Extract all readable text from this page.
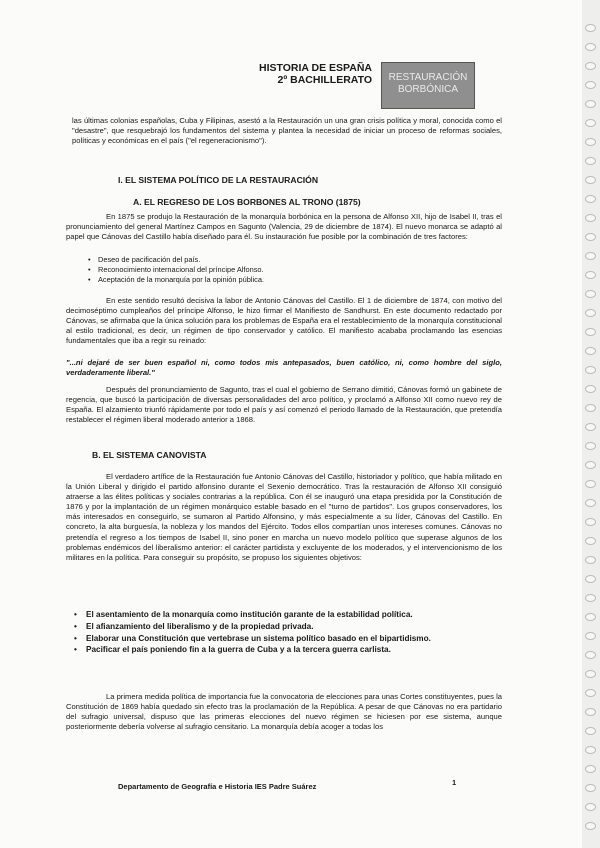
HISTORIA DE ESPAÑA
2º BACHILLERATO	RESTAURACIÓN
BORBÓNICA
las últimas colonias españolas, Cuba y Filipinas, asestó a la Restauración un una gran crisis política y moral, conocida como el "desastre", que resquebrajó los fundamentos del sistema y plantea la necesidad de iniciar un proceso de reformas sociales, políticas y económicas en el país ("el regeneracionismo").
I. EL SISTEMA POLÍTICO DE LA RESTAURACIÓN
A. EL REGRESO DE LOS BORBONES AL TRONO (1875)
En 1875 se produjo la Restauración de la monarquía borbónica en la persona de Alfonso XII, hijo de Isabel II, tras el pronunciamiento del general Martínez Campos en Sagunto (Valencia, 29 de diciembre de 1874). El nuevo monarca se adaptó al papel que Cánovas del Castillo había diseñado para él. Su instauración fue posible por la combinación de tres factores:
• Deseo de pacificación del país.
• Reconocimiento internacional del príncipe Alfonso.
• Aceptación de la monarquía por la opinión pública.
En este sentido resultó decisiva la labor de Antonio Cánovas del Castillo. El 1 de diciembre de 1874, con motivo del decimoséptimo cumpleaños del príncipe Alfonso, le hizo firmar el Manifiesto de Sandhurst. En este documento redactado por Cánovas, se afirmaba que la única solución para los problemas de España era el restablecimiento de la monarquía constitucional al estilo tradicional, es decir, un régimen de tipo conservador y católico. El manifiesto acababa proclamando las esencias fundamentales que iba a regir su reinado:
"...ni dejaré de ser buen español ni, como todos mis antepasados, buen católico, ni, como hombre del siglo, verdaderamente liberal."
Después del pronunciamiento de Sagunto, tras el cual el gobierno de Serrano dimitió, Cánovas formó un gabinete de regencia, que buscó la participación de diversas personalidades del arco político, y proclamó a Alfonso XII como nuevo rey de España. El alzamiento triunfó rápidamente por todo el país y así comenzó el periodo llamado de la Restauración, que pretendía restablecer el régimen liberal moderado anterior a 1868.
B. EL SISTEMA CANOVISTA
El verdadero artífice de la Restauración fue Antonio Cánovas del Castillo, historiador y político, que había militado en la Unión Liberal y dirigido el partido alfonsino durante el Sexenio democrático. Tras la restauración de Alfonso XII consiguió atraerse a las élites políticas y sociales contrarias a la república. Con él se inauguró una etapa presidida por la Constitución de 1876 y por la implantación de un régimen monárquico estable basado en el "turno de partidos". Los grupos conservadores, los más interesados en conseguirlo, se sumaron al Partido Alfonsino, y más especialmente a su líder, Cánovas del Castillo. En concreto, la alta burguesía, la nobleza y los mandos del Ejército. Todos ellos compartían unos intereses comunes. Cánovas no pretendía el regreso a los tiempos de Isabel II, sino poner en marcha un nuevo modelo político que superase algunos de los problemas endémicos del liberalismo anterior: el carácter partidista y excluyente de los moderados, y el intervencionismo de los militares en la política. Para conseguir su propósito, se propuso los siguientes objetivos:
• El asentamiento de la monarquía como institución garante de la estabilidad política.
• El afianzamiento del liberalismo y de la propiedad privada.
• Elaborar una Constitución que vertebrase un sistema político basado en el bipartidismo.
• Pacificar el país poniendo fin a la guerra de Cuba y a la tercera guerra carlista.
La primera medida política de importancia fue la convocatoria de elecciones para unas Cortes constituyentes, pues la Constitución de 1869 había quedado sin efecto tras la proclamación de la República. A pesar de que Cánovas no era partidario del sufragio universal, dispuso que las primeras elecciones del nuevo régimen se hiciesen por ese sistema, aunque posteriormente debería volverse al sufragio censitario. La monarquía debía acoger a todas los
1
Departamento de Geografía e Historia IES Padre Suárez
